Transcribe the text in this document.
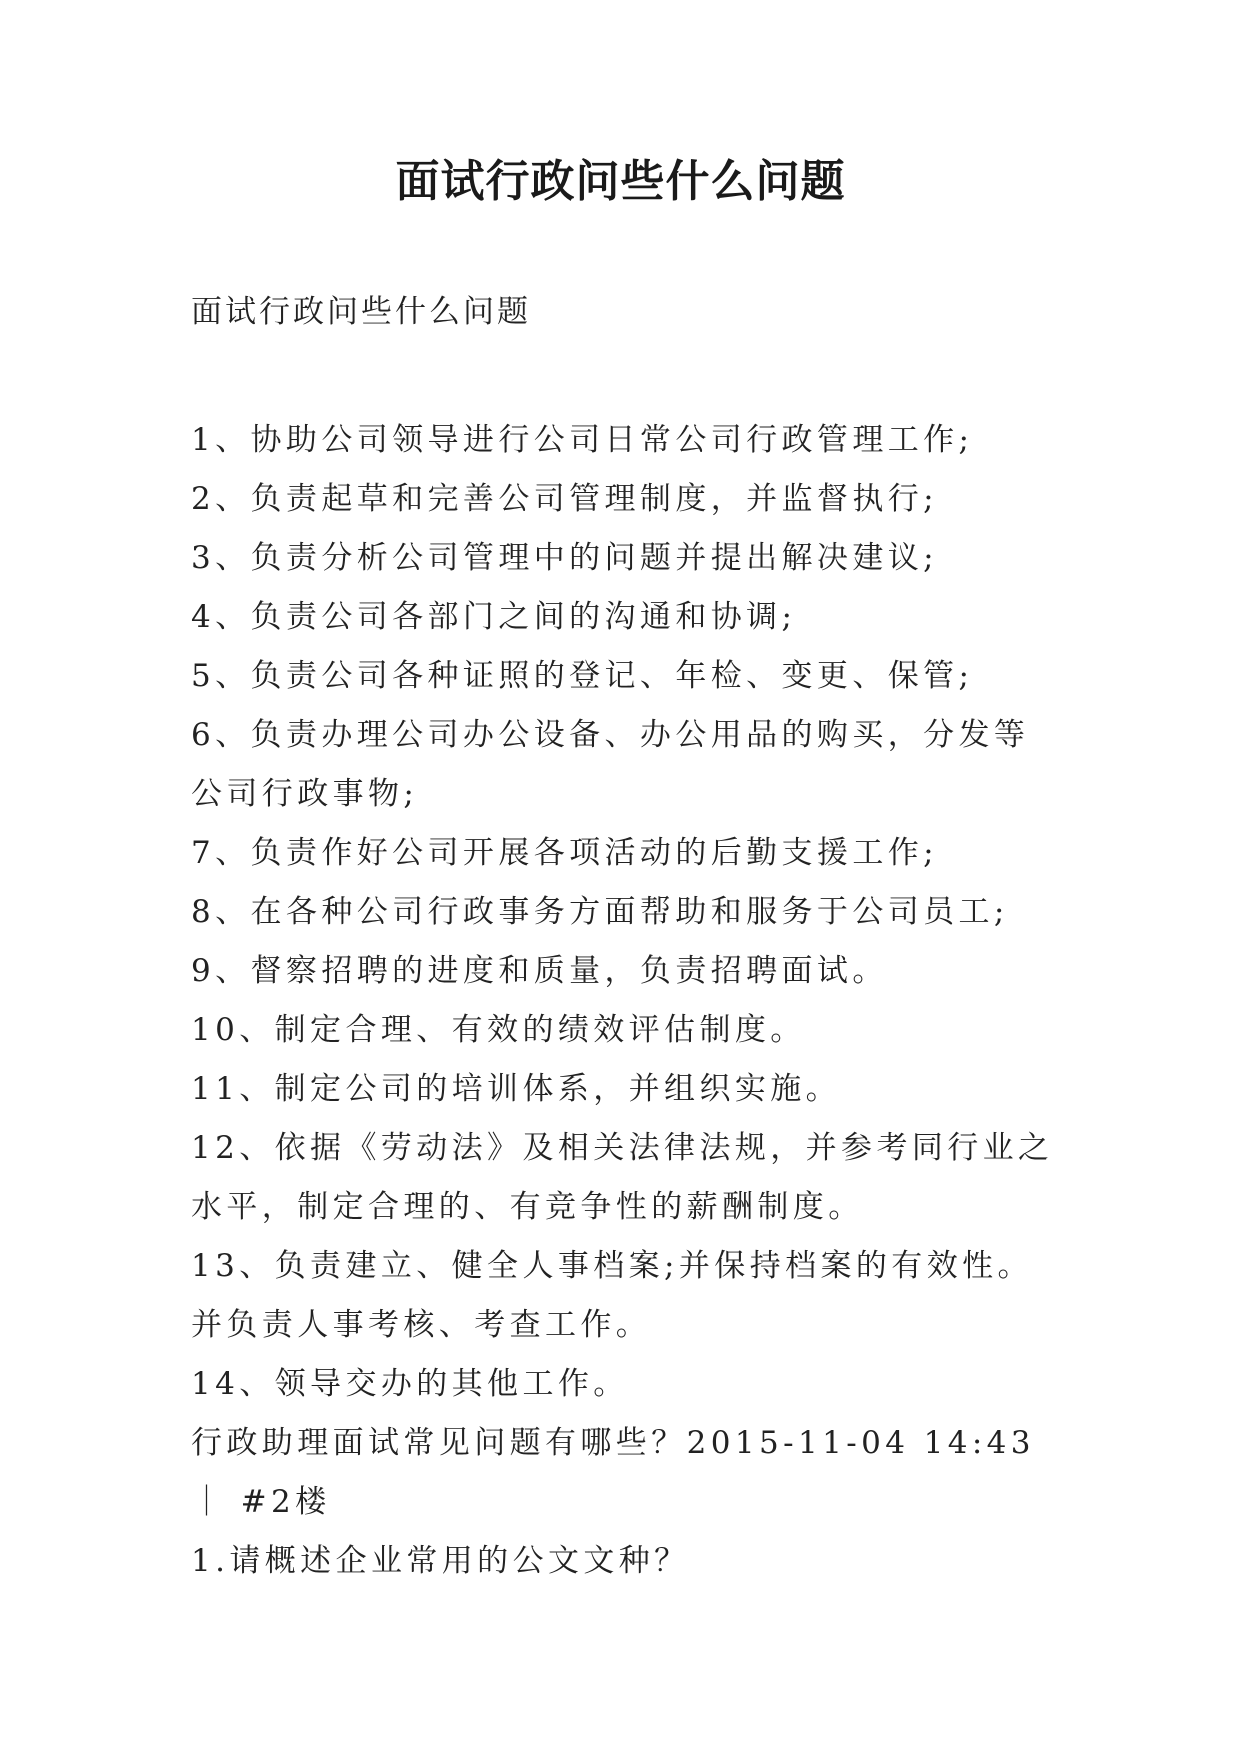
面试行政问些什么问题

面试行政问些什么问题

1、协助公司领导进行公司日常公司行政管理工作;

2、负责起草和完善公司管理制度，并监督执行;

3、负责分析公司管理中的问题并提出解决建议;

4、负责公司各部门之间的沟通和协调;

5、负责公司各种证照的登记、年检、变更、保管;

6、负责办理公司办公设备、办公用品的购买，分发等公司行政事物;

7、负责作好公司开展各项活动的后勤支援工作;

8、在各种公司行政事务方面帮助和服务于公司员工;

9、督察招聘的进度和质量，负责招聘面试。

10、制定合理、有效的绩效评估制度。

11、制定公司的培训体系，并组织实施。

12、依据《劳动法》及相关法律法规，并参考同行业之水平，制定合理的、有竞争性的薪酬制度。

13、负责建立、健全人事档案;并保持档案的有效性。并负责人事考核、考查工作。

14、领导交办的其他工作。

行政助理面试常见问题有哪些？2015-11-04 14:43 ｜ #2楼

1.请概述企业常用的公文文种？
